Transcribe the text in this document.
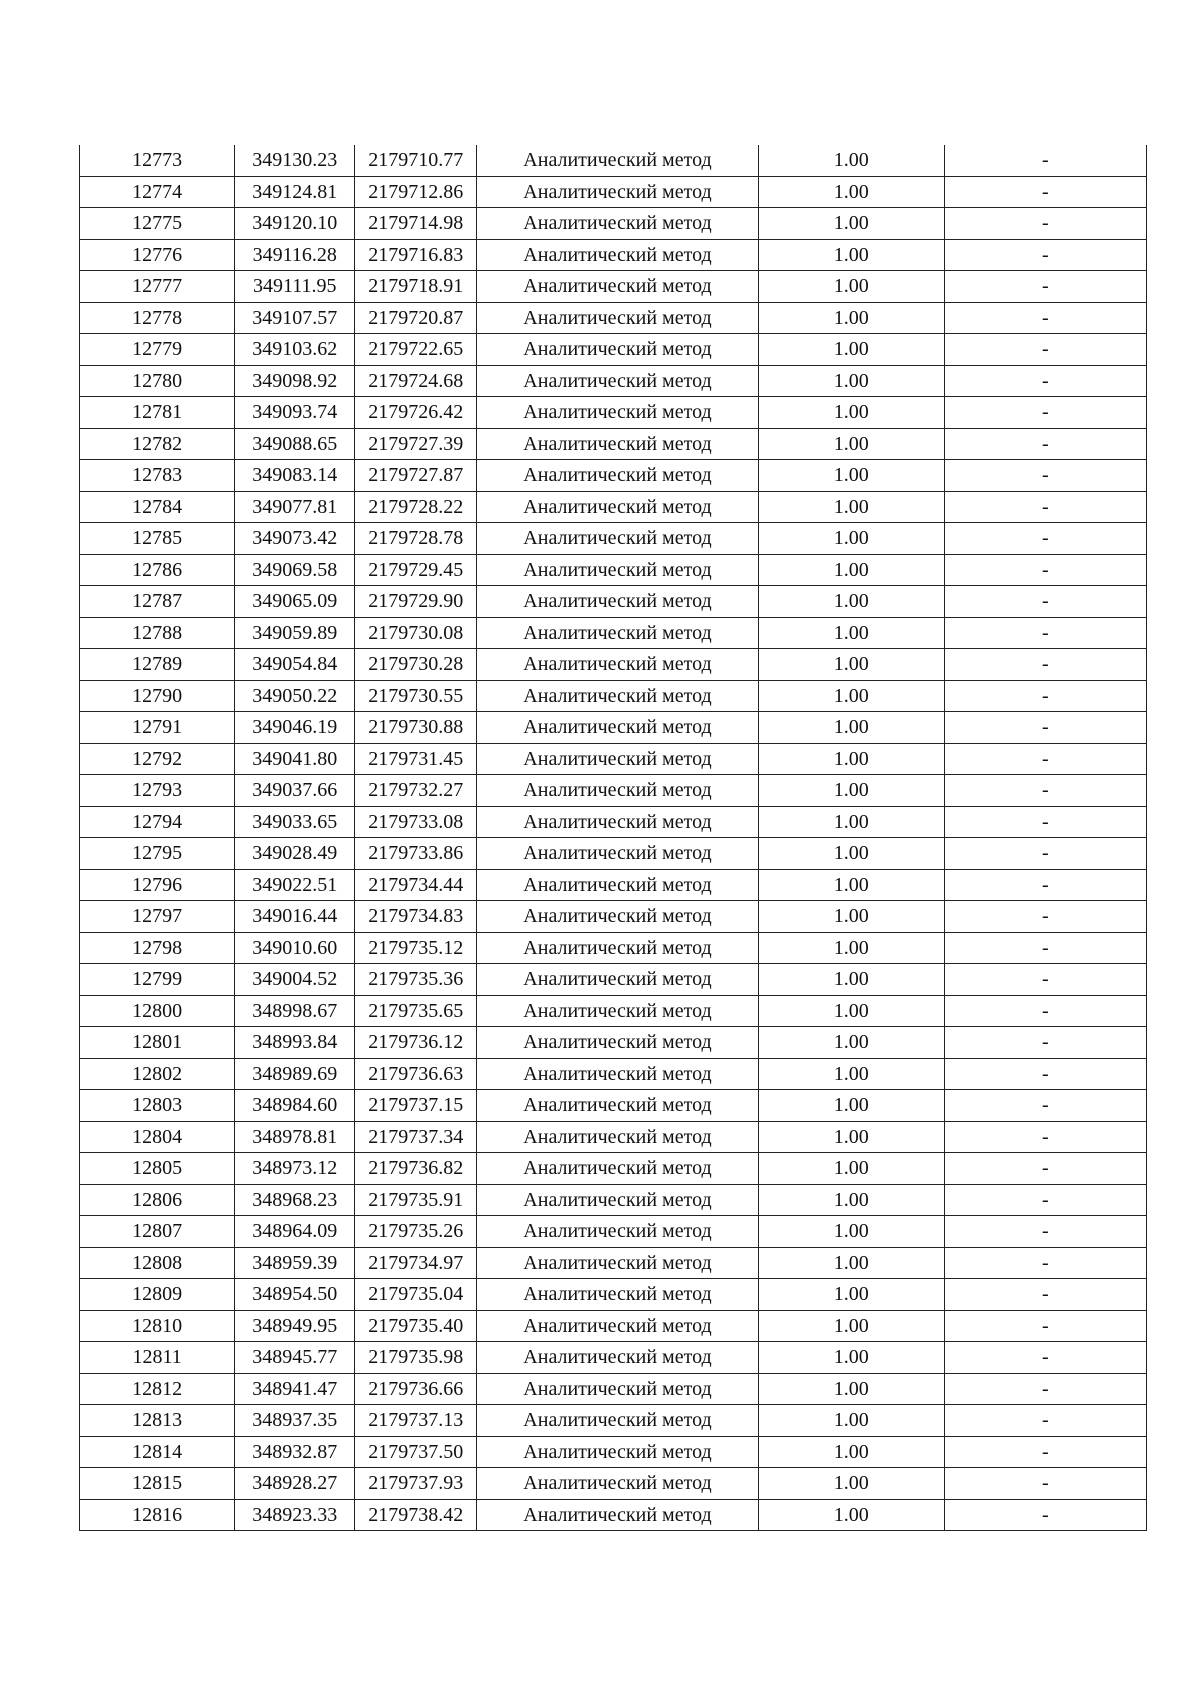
12773	349130.23	2179710.77	Аналитический метод	1.00	-
12774	349124.81	2179712.86	Аналитический метод	1.00	-
12775	349120.10	2179714.98	Аналитический метод	1.00	-
12776	349116.28	2179716.83	Аналитический метод	1.00	-
12777	349111.95	2179718.91	Аналитический метод	1.00	-
12778	349107.57	2179720.87	Аналитический метод	1.00	-
12779	349103.62	2179722.65	Аналитический метод	1.00	-
12780	349098.92	2179724.68	Аналитический метод	1.00	-
12781	349093.74	2179726.42	Аналитический метод	1.00	-
12782	349088.65	2179727.39	Аналитический метод	1.00	-
12783	349083.14	2179727.87	Аналитический метод	1.00	-
12784	349077.81	2179728.22	Аналитический метод	1.00	-
12785	349073.42	2179728.78	Аналитический метод	1.00	-
12786	349069.58	2179729.45	Аналитический метод	1.00	-
12787	349065.09	2179729.90	Аналитический метод	1.00	-
12788	349059.89	2179730.08	Аналитический метод	1.00	-
12789	349054.84	2179730.28	Аналитический метод	1.00	-
12790	349050.22	2179730.55	Аналитический метод	1.00	-
12791	349046.19	2179730.88	Аналитический метод	1.00	-
12792	349041.80	2179731.45	Аналитический метод	1.00	-
12793	349037.66	2179732.27	Аналитический метод	1.00	-
12794	349033.65	2179733.08	Аналитический метод	1.00	-
12795	349028.49	2179733.86	Аналитический метод	1.00	-
12796	349022.51	2179734.44	Аналитический метод	1.00	-
12797	349016.44	2179734.83	Аналитический метод	1.00	-
12798	349010.60	2179735.12	Аналитический метод	1.00	-
12799	349004.52	2179735.36	Аналитический метод	1.00	-
12800	348998.67	2179735.65	Аналитический метод	1.00	-
12801	348993.84	2179736.12	Аналитический метод	1.00	-
12802	348989.69	2179736.63	Аналитический метод	1.00	-
12803	348984.60	2179737.15	Аналитический метод	1.00	-
12804	348978.81	2179737.34	Аналитический метод	1.00	-
12805	348973.12	2179736.82	Аналитический метод	1.00	-
12806	348968.23	2179735.91	Аналитический метод	1.00	-
12807	348964.09	2179735.26	Аналитический метод	1.00	-
12808	348959.39	2179734.97	Аналитический метод	1.00	-
12809	348954.50	2179735.04	Аналитический метод	1.00	-
12810	348949.95	2179735.40	Аналитический метод	1.00	-
12811	348945.77	2179735.98	Аналитический метод	1.00	-
12812	348941.47	2179736.66	Аналитический метод	1.00	-
12813	348937.35	2179737.13	Аналитический метод	1.00	-
12814	348932.87	2179737.50	Аналитический метод	1.00	-
12815	348928.27	2179737.93	Аналитический метод	1.00	-
12816	348923.33	2179738.42	Аналитический метод	1.00	-
